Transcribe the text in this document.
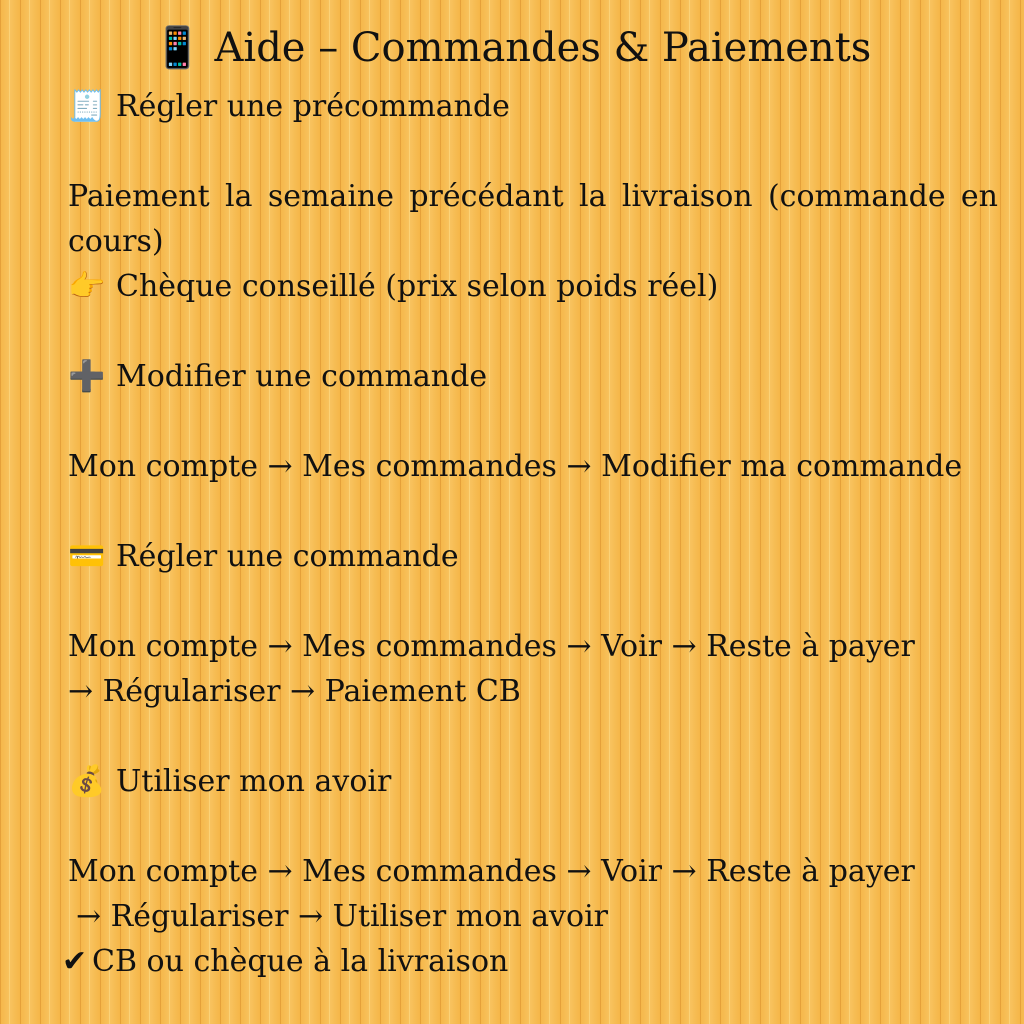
📱 Aide – Commandes & Paiements
🧾 Régler une précommande
Paiement la semaine précédant la livraison (commande en cours)
👉 Chèque conseillé (prix selon poids réel)
➕ Modifier une commande
Mon compte → Mes commandes → Modifier ma commande
💳 Régler une commande
Mon compte → Mes commandes → Voir → Reste à payer
→ Régulariser → Paiement CB
💰 Utiliser mon avoir
Mon compte → Mes commandes → Voir → Reste à payer
→ Régulariser → Utiliser mon avoir
✔ CB ou chèque à la livraison
